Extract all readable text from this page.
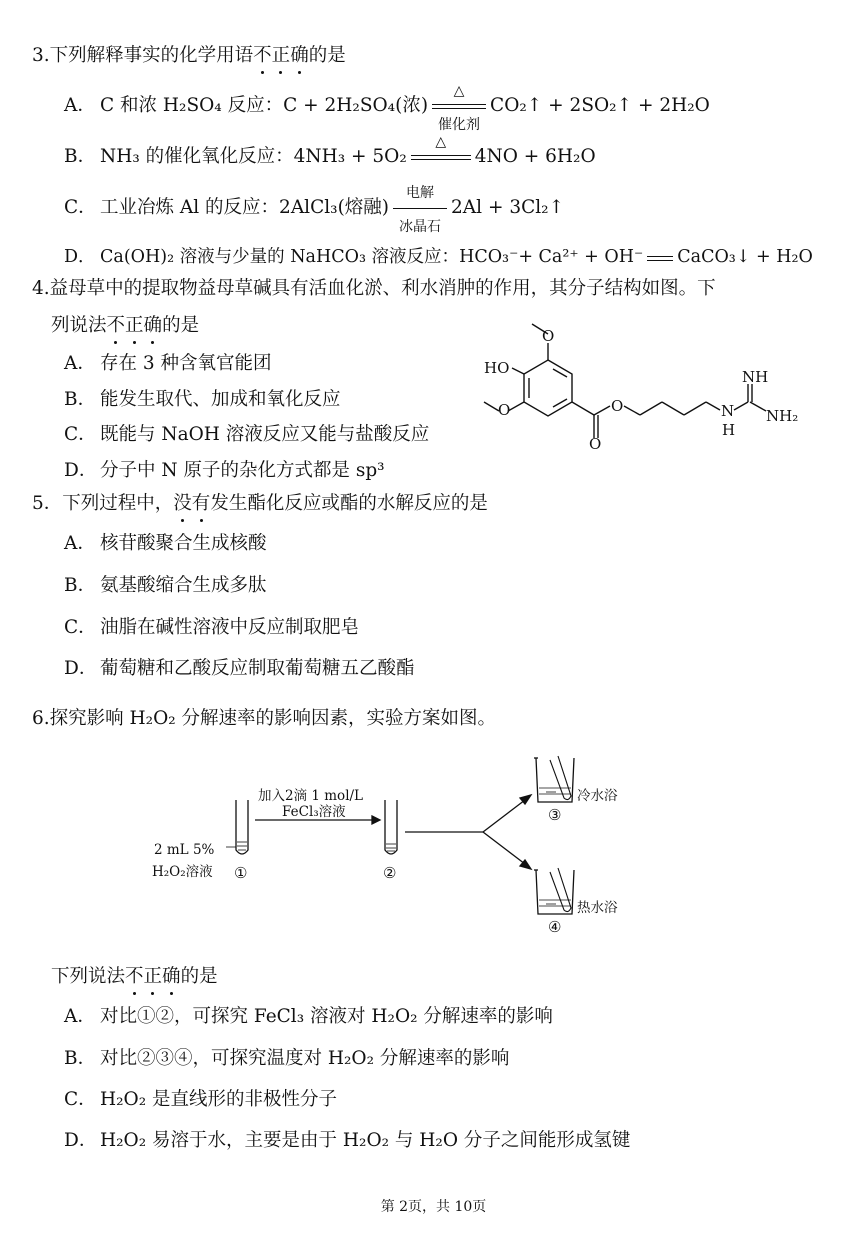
3.下列解释事实的化学用语不正确的是
A． C 和浓 H₂SO₄ 反应：C + 2H₂SO₄(浓)
△
催化剂
CO₂↑ + 2SO₂↑ + 2H₂O
B． NH₃ 的催化氧化反应：4NH₃ + 5O₂
△
4NO + 6H₂O
C． 工业冶炼 Al 的反应：2AlCl₃(熔融)
电解
冰晶石
2Al + 3Cl₂↑
D． Ca(OH)₂ 溶液与少量的 NaHCO₃ 溶液反应：HCO₃⁻+ Ca²⁺ + OH⁻ CaCO₃↓ + H₂O
4.益母草中的提取物益母草碱具有活血化淤、利水消肿的作用，其分子结构如图。下
列说法不正确的是
A． 存在 3 种含氧官能团
B． 能发生取代、加成和氧化反应
C． 既能与 NaOH 溶液反应又能与盐酸反应
D． 分子中 N 原子的杂化方式都是 sp³
O
O
HO
O
O
N
H
NH
NH₂
5．下列过程中，没有发生酯化反应或酯的水解反应的是
A． 核苷酸聚合生成核酸
B． 氨基酸缩合生成多肽
C． 油脂在碱性溶液中反应制取肥皂
D． 葡萄糖和乙酸反应制取葡萄糖五乙酸酯
6.探究影响 H₂O₂ 分解速率的影响因素，实验方案如图。
2 mL 5%
H₂O₂溶液 ①
加入2滴 1 mol/L
FeCl₃溶液
②
冷水浴
③
热水浴
④
下列说法不正确的是
A． 对比①②，可探究 FeCl₃ 溶液对 H₂O₂ 分解速率的影响
B． 对比②③④，可探究温度对 H₂O₂ 分解速率的影响
C． H₂O₂ 是直线形的非极性分子
D． H₂O₂ 易溶于水，主要是由于 H₂O₂ 与 H₂O 分子之间能形成氢键
第 2页，共 10页
